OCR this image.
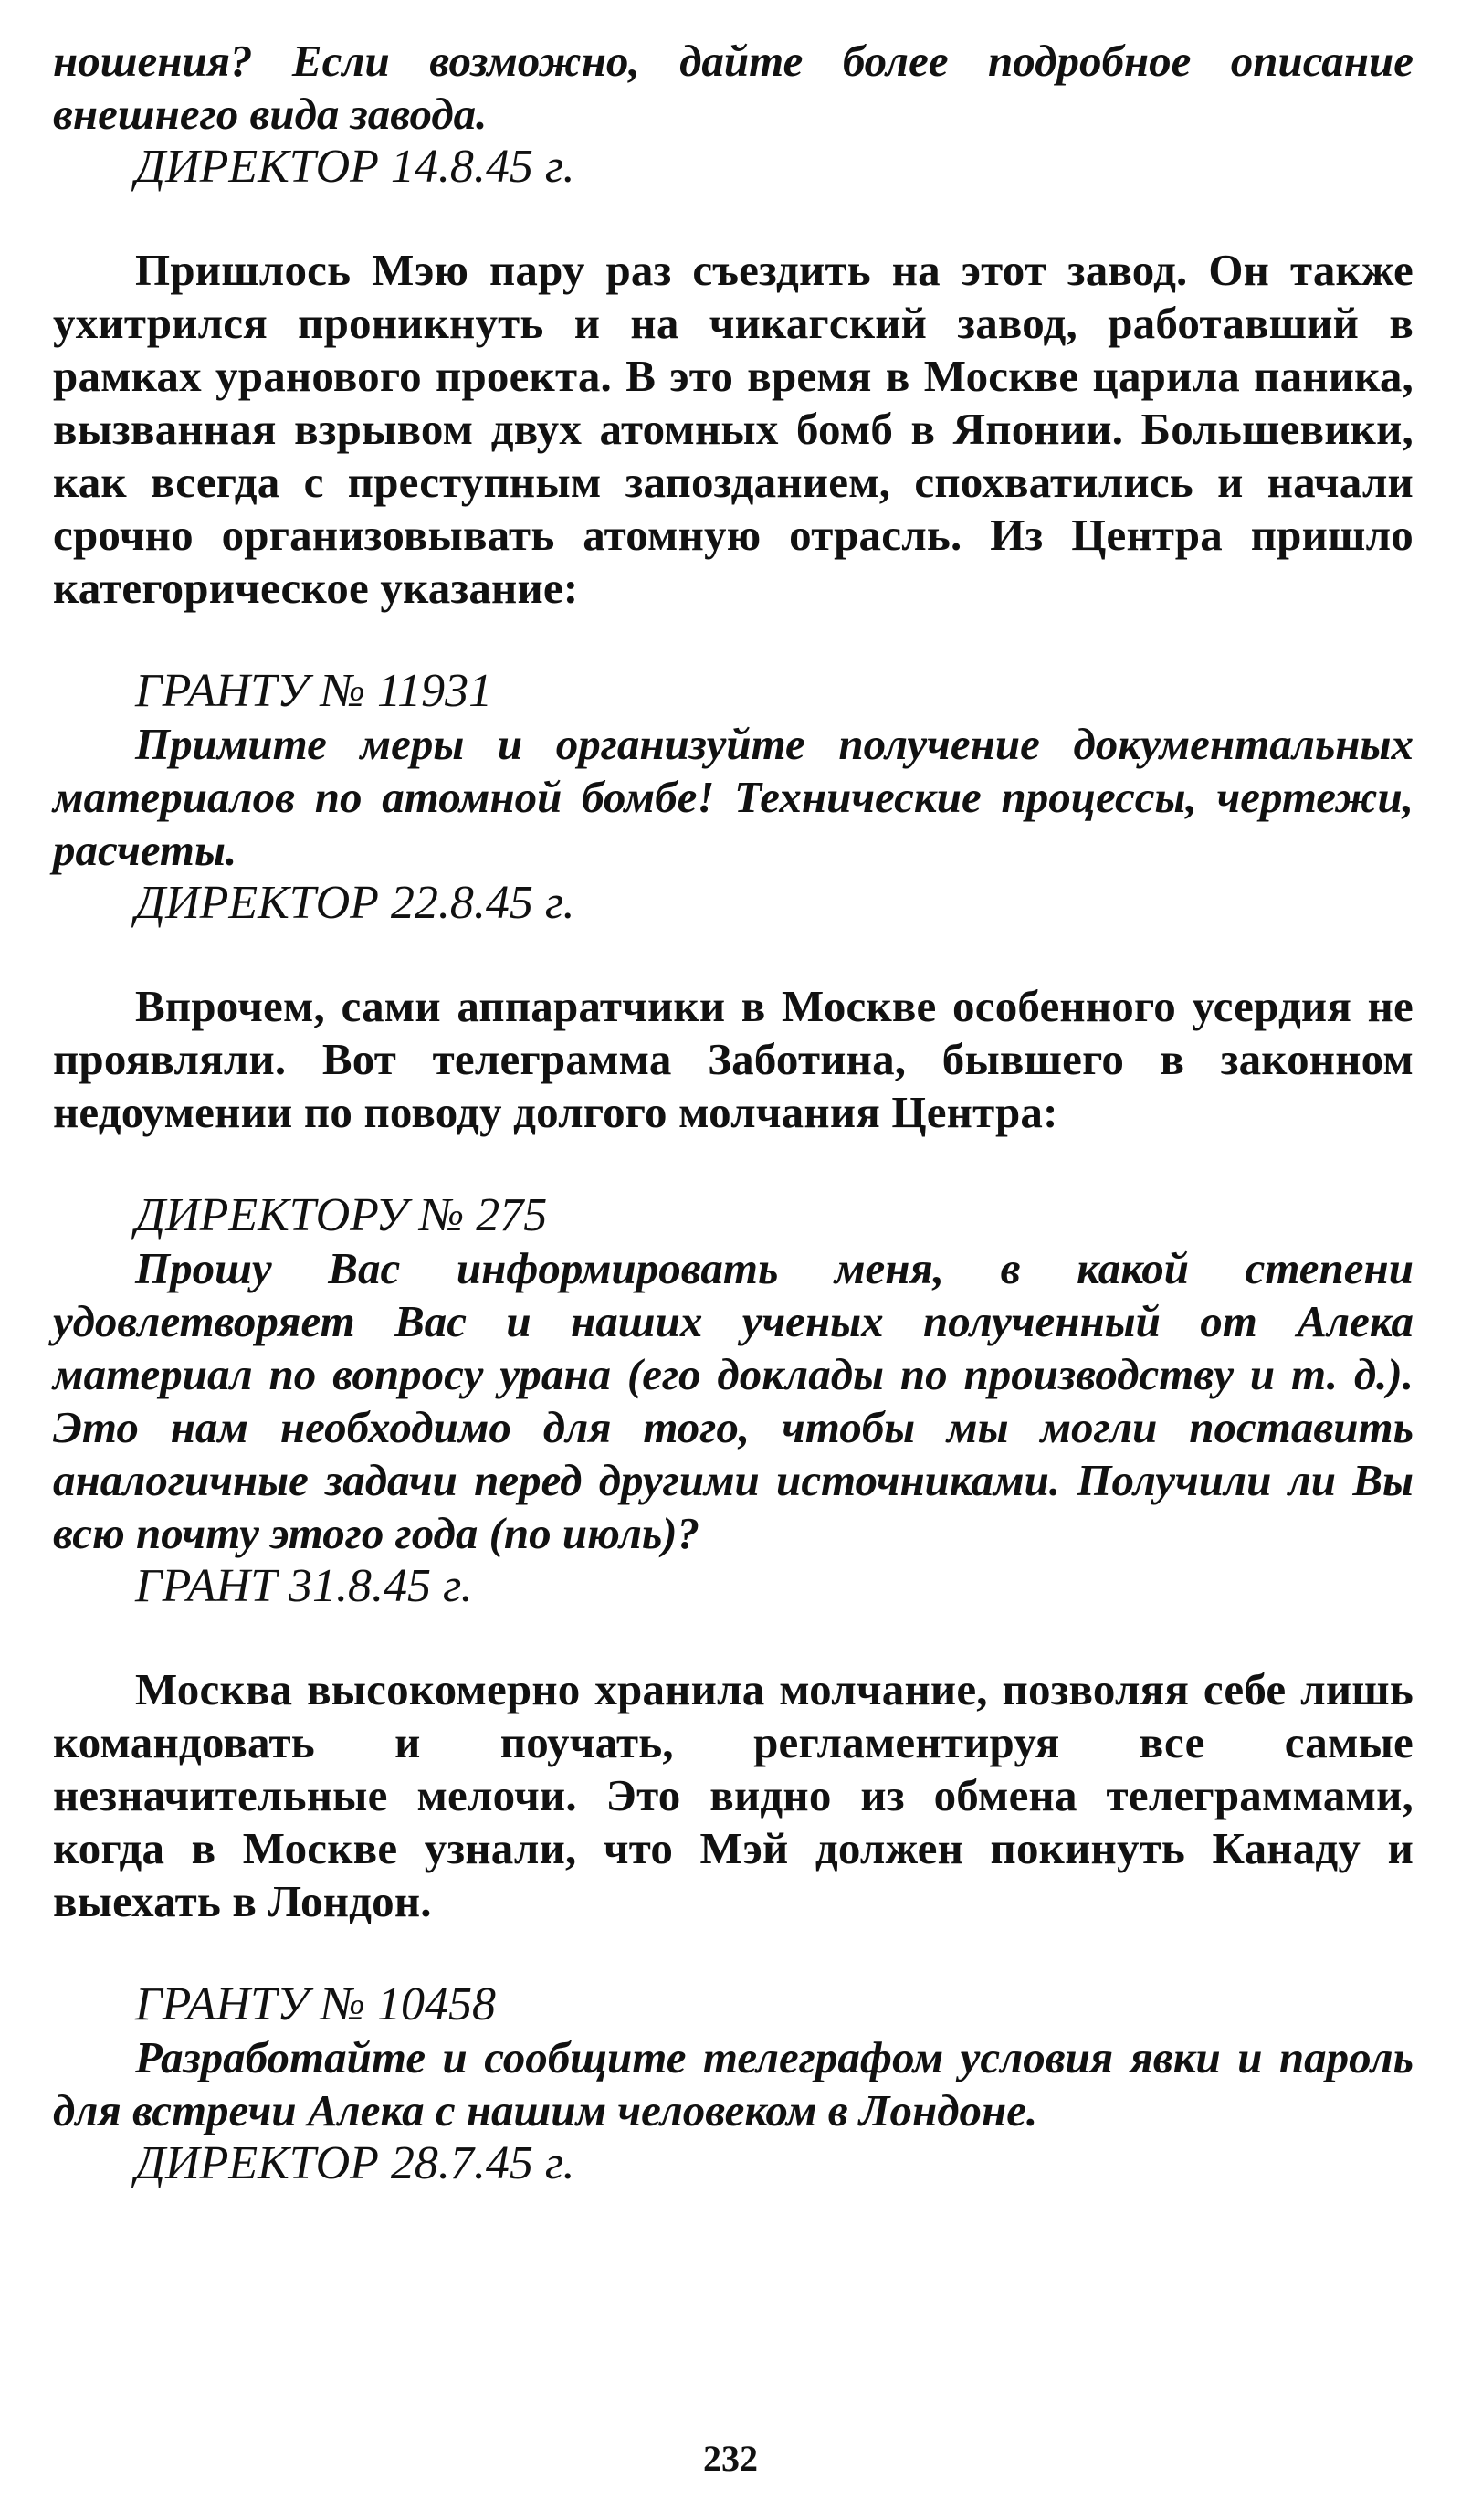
ношения? Если возможно, дайте более подробное описание внешнего вида завода.
ДИРЕКТОР 14.8.45 г.

Пришлось Мэю пару раз съездить на этот завод. Он также ухитрился проникнуть и на чикагский завод, работавший в рамках уранового проекта. В это время в Москве царила паника, вызванная взрывом двух атомных бомб в Японии. Большевики, как всегда с преступным запозданием, спохватились и начали срочно организовывать атомную отрасль. Из Центра пришло категорическое указание:

ГРАНТУ № 11931
Примите меры и организуйте получение документальных материалов по атомной бомбе! Технические процессы, чертежи, расчеты.
ДИРЕКТОР 22.8.45 г.

Впрочем, сами аппаратчики в Москве особенного усердия не проявляли. Вот телеграмма Заботина, бывшего в законном недоумении по поводу долгого молчания Центра:

ДИРЕКТОРУ № 275
Прошу Вас информировать меня, в какой степени удовлетворяет Вас и наших ученых полученный от Алека материал по вопросу урана (его доклады по производству и т. д.). Это нам необходимо для того, чтобы мы могли поставить аналогичные задачи перед другими источниками. Получили ли Вы всю почту этого года (по июль)?
ГРАНТ 31.8.45 г.

Москва высокомерно хранила молчание, позволяя себе лишь командовать и поучать, регламентируя все самые незначительные мелочи. Это видно из обмена телеграммами, когда в Москве узнали, что Мэй должен покинуть Канаду и выехать в Лондон.

ГРАНТУ № 10458
Разработайте и сообщите телеграфом условия явки и пароль для встречи Алека с нашим человеком в Лондоне.
ДИРЕКТОР 28.7.45 г.
232
